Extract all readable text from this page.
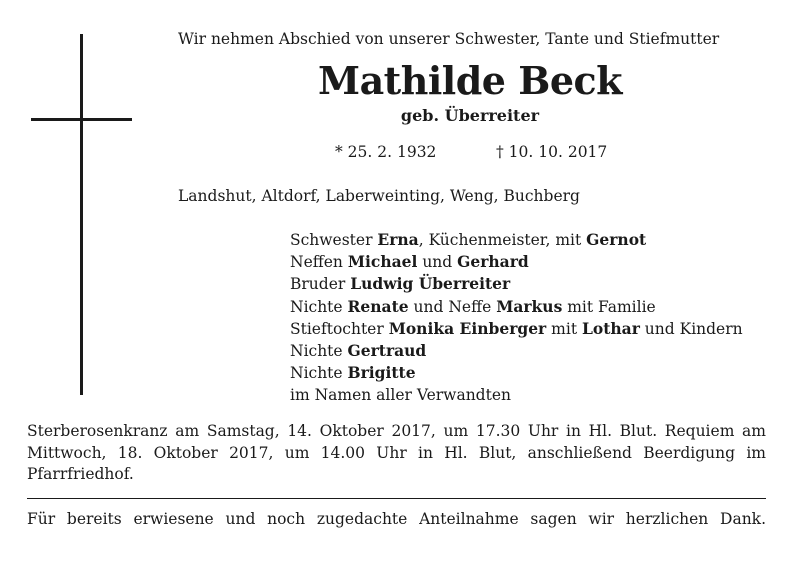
Wir nehmen Abschied von unserer Schwester, Tante und Stiefmutter
Mathilde Beck
geb. Überreiter
* 25. 2. 1932	† 10. 10. 2017
Landshut, Altdorf, Laberweinting, Weng, Buchberg
Schwester Erna, Küchenmeister, mit Gernot
Neffen Michael und Gerhard
Bruder Ludwig Überreiter
Nichte Renate und Neffe Markus mit Familie
Stieftochter Monika Einberger mit Lothar und Kindern
Nichte Gertraud
Nichte Brigitte
im Namen aller Verwandten
Sterberosenkranz am Samstag, 14. Oktober 2017, um 17.30 Uhr in Hl. Blut. Requiem am Mittwoch, 18. Oktober 2017, um 14.00 Uhr in Hl. Blut, anschließend Beerdigung im Pfarrfriedhof.
Für bereits erwiesene und noch zugedachte Anteilnahme sagen wir herzlichen Dank.
